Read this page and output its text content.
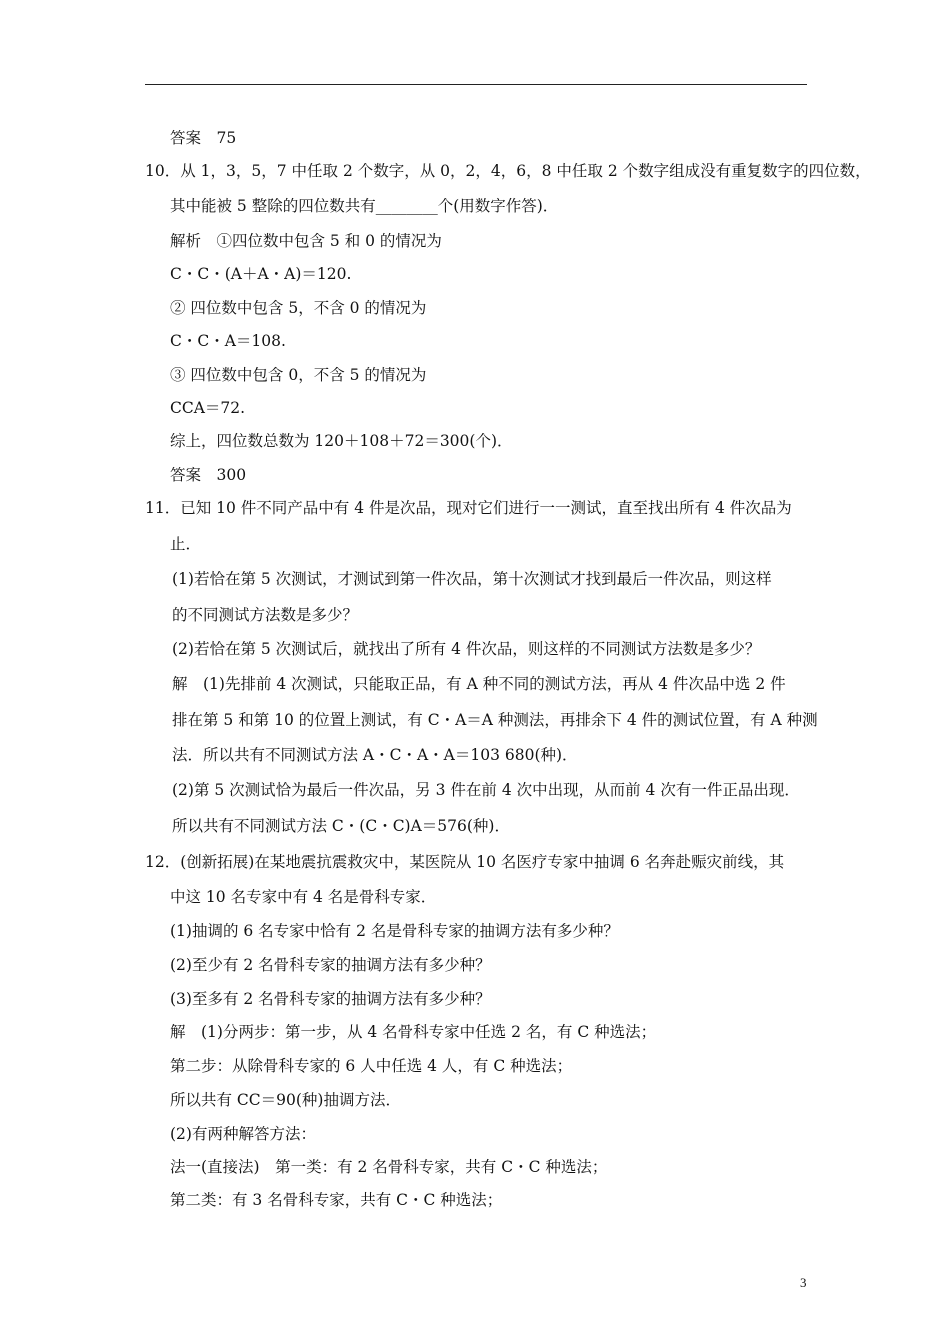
答案　75
10．从 1，3，5，7 中任取 2 个数字，从 0，2，4，6，8 中任取 2 个数字组成没有重复数字的四位数，
其中能被 5 整除的四位数共有________个(用数字作答)．
解析　①四位数中包含 5 和 0 的情况为
C・C・(A＋A・A)＝120.
② 四位数中包含 5，不含 0 的情况为
C・C・A＝108.
③ 四位数中包含 0，不含 5 的情况为
CCA＝72.
综上，四位数总数为 120＋108＋72＝300(个)．
答案　300
11．已知 10 件不同产品中有 4 件是次品，现对它们进行一一测试，直至找出所有 4 件次品为
止．
(1)若恰在第 5 次测试，才测试到第一件次品，第十次测试才找到最后一件次品，则这样
的不同测试方法数是多少？
(2)若恰在第 5 次测试后，就找出了所有 4 件次品，则这样的不同测试方法数是多少？
解　(1)先排前 4 次测试，只能取正品，有 A 种不同的测试方法，再从 4 件次品中选 2 件
排在第 5 和第 10 的位置上测试，有 C・A＝A 种测法，再排余下 4 件的测试位置，有 A 种测
法．所以共有不同测试方法 A・C・A・A＝103 680(种)．
(2)第 5 次测试恰为最后一件次品，另 3 件在前 4 次中出现，从而前 4 次有一件正品出现．
所以共有不同测试方法 C・(C・C)A＝576(种)．
12．(创新拓展)在某地震抗震救灾中，某医院从 10 名医疗专家中抽调 6 名奔赴赈灾前线，其
中这 10 名专家中有 4 名是骨科专家．
(1)抽调的 6 名专家中恰有 2 名是骨科专家的抽调方法有多少种？
(2)至少有 2 名骨科专家的抽调方法有多少种？
(3)至多有 2 名骨科专家的抽调方法有多少种？
解　(1)分两步：第一步，从 4 名骨科专家中任选 2 名，有 C 种选法；
第二步：从除骨科专家的 6 人中任选 4 人，有 C 种选法；
所以共有 CC＝90(种)抽调方法．
(2)有两种解答方法：
法一(直接法)　第一类：有 2 名骨科专家，共有 C・C 种选法；
第二类：有 3 名骨科专家，共有 C・C 种选法；
3
